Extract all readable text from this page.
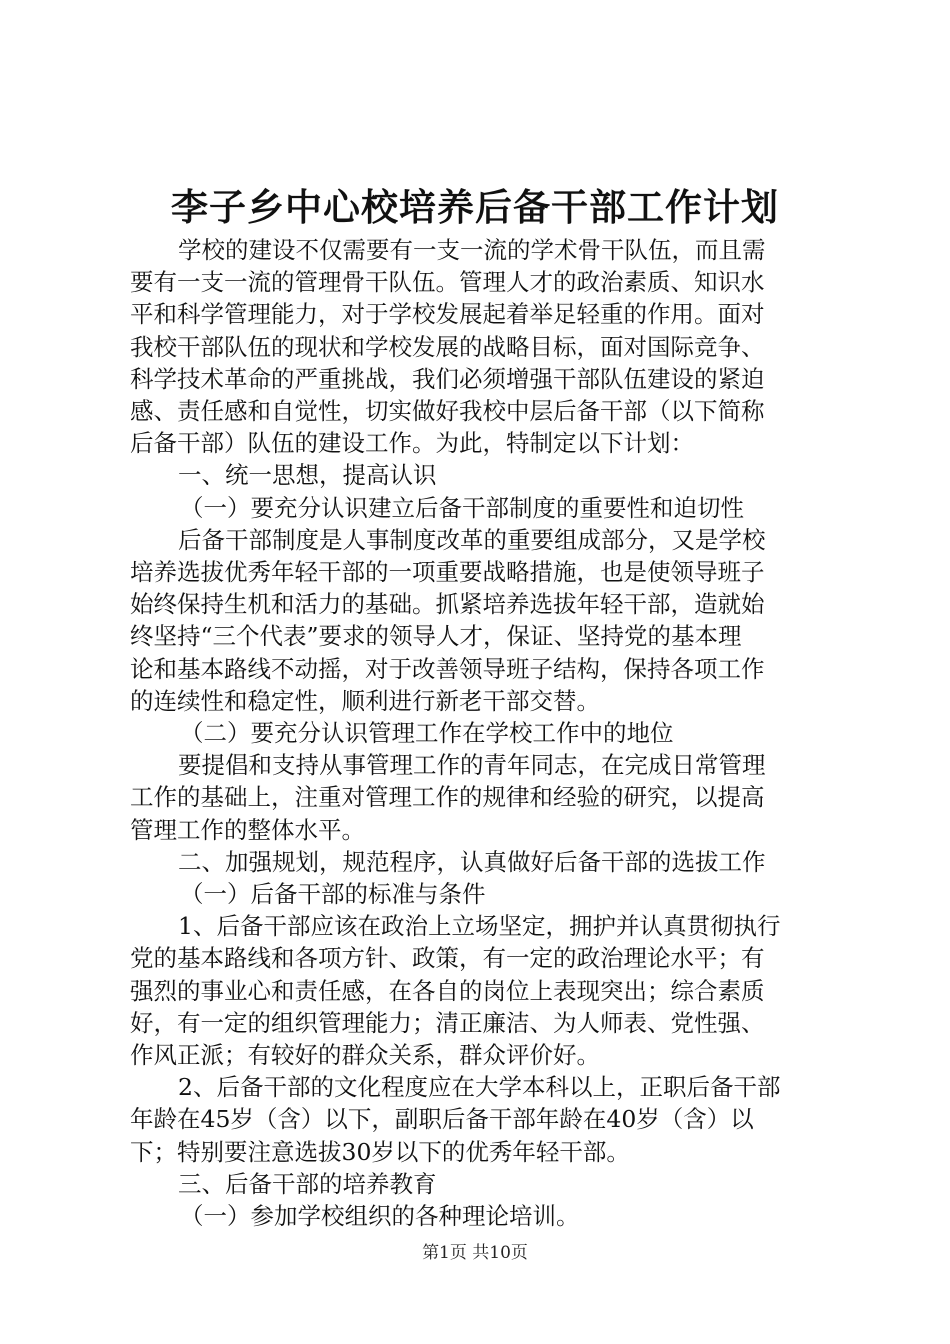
李子乡中心校培养后备干部工作计划

学校的建设不仅需要有一支一流的学术骨干队伍，而且需

要有一支一流的管理骨干队伍。管理人才的政治素质、知识水

平和科学管理能力，对于学校发展起着举足轻重的作用。面对

我校干部队伍的现状和学校发展的战略目标，面对国际竞争、

科学技术革命的严重挑战，我们必须增强干部队伍建设的紧迫

感、责任感和自觉性，切实做好我校中层后备干部（以下简称

后备干部）队伍的建设工作。为此，特制定以下计划：

一、统一思想，提高认识

（一）要充分认识建立后备干部制度的重要性和迫切性

后备干部制度是人事制度改革的重要组成部分，又是学校

培养选拔优秀年轻干部的一项重要战略措施，也是使领导班子

始终保持生机和活力的基础。抓紧培养选拔年轻干部，造就始

终坚持“三个代表”要求的领导人才，保证、坚持党的基本理

论和基本路线不动摇，对于改善领导班子结构，保持各项工作

的连续性和稳定性，顺利进行新老干部交替。

（二）要充分认识管理工作在学校工作中的地位

要提倡和支持从事管理工作的青年同志，在完成日常管理

工作的基础上，注重对管理工作的规律和经验的研究，以提高

管理工作的整体水平。

二、加强规划，规范程序，认真做好后备干部的选拔工作

（一）后备干部的标准与条件

1、后备干部应该在政治上立场坚定，拥护并认真贯彻执行

党的基本路线和各项方针、政策，有一定的政治理论水平；有

强烈的事业心和责任感，在各自的岗位上表现突出；综合素质

好，有一定的组织管理能力；清正廉洁、为人师表、党性强、

作风正派；有较好的群众关系，群众评价好。

2、后备干部的文化程度应在大学本科以上，正职后备干部

年龄在45岁（含）以下，副职后备干部年龄在40岁（含）以

下；特别要注意选拔30岁以下的优秀年轻干部。

三、后备干部的培养教育

（一）参加学校组织的各种理论培训。

第1页 共10页
